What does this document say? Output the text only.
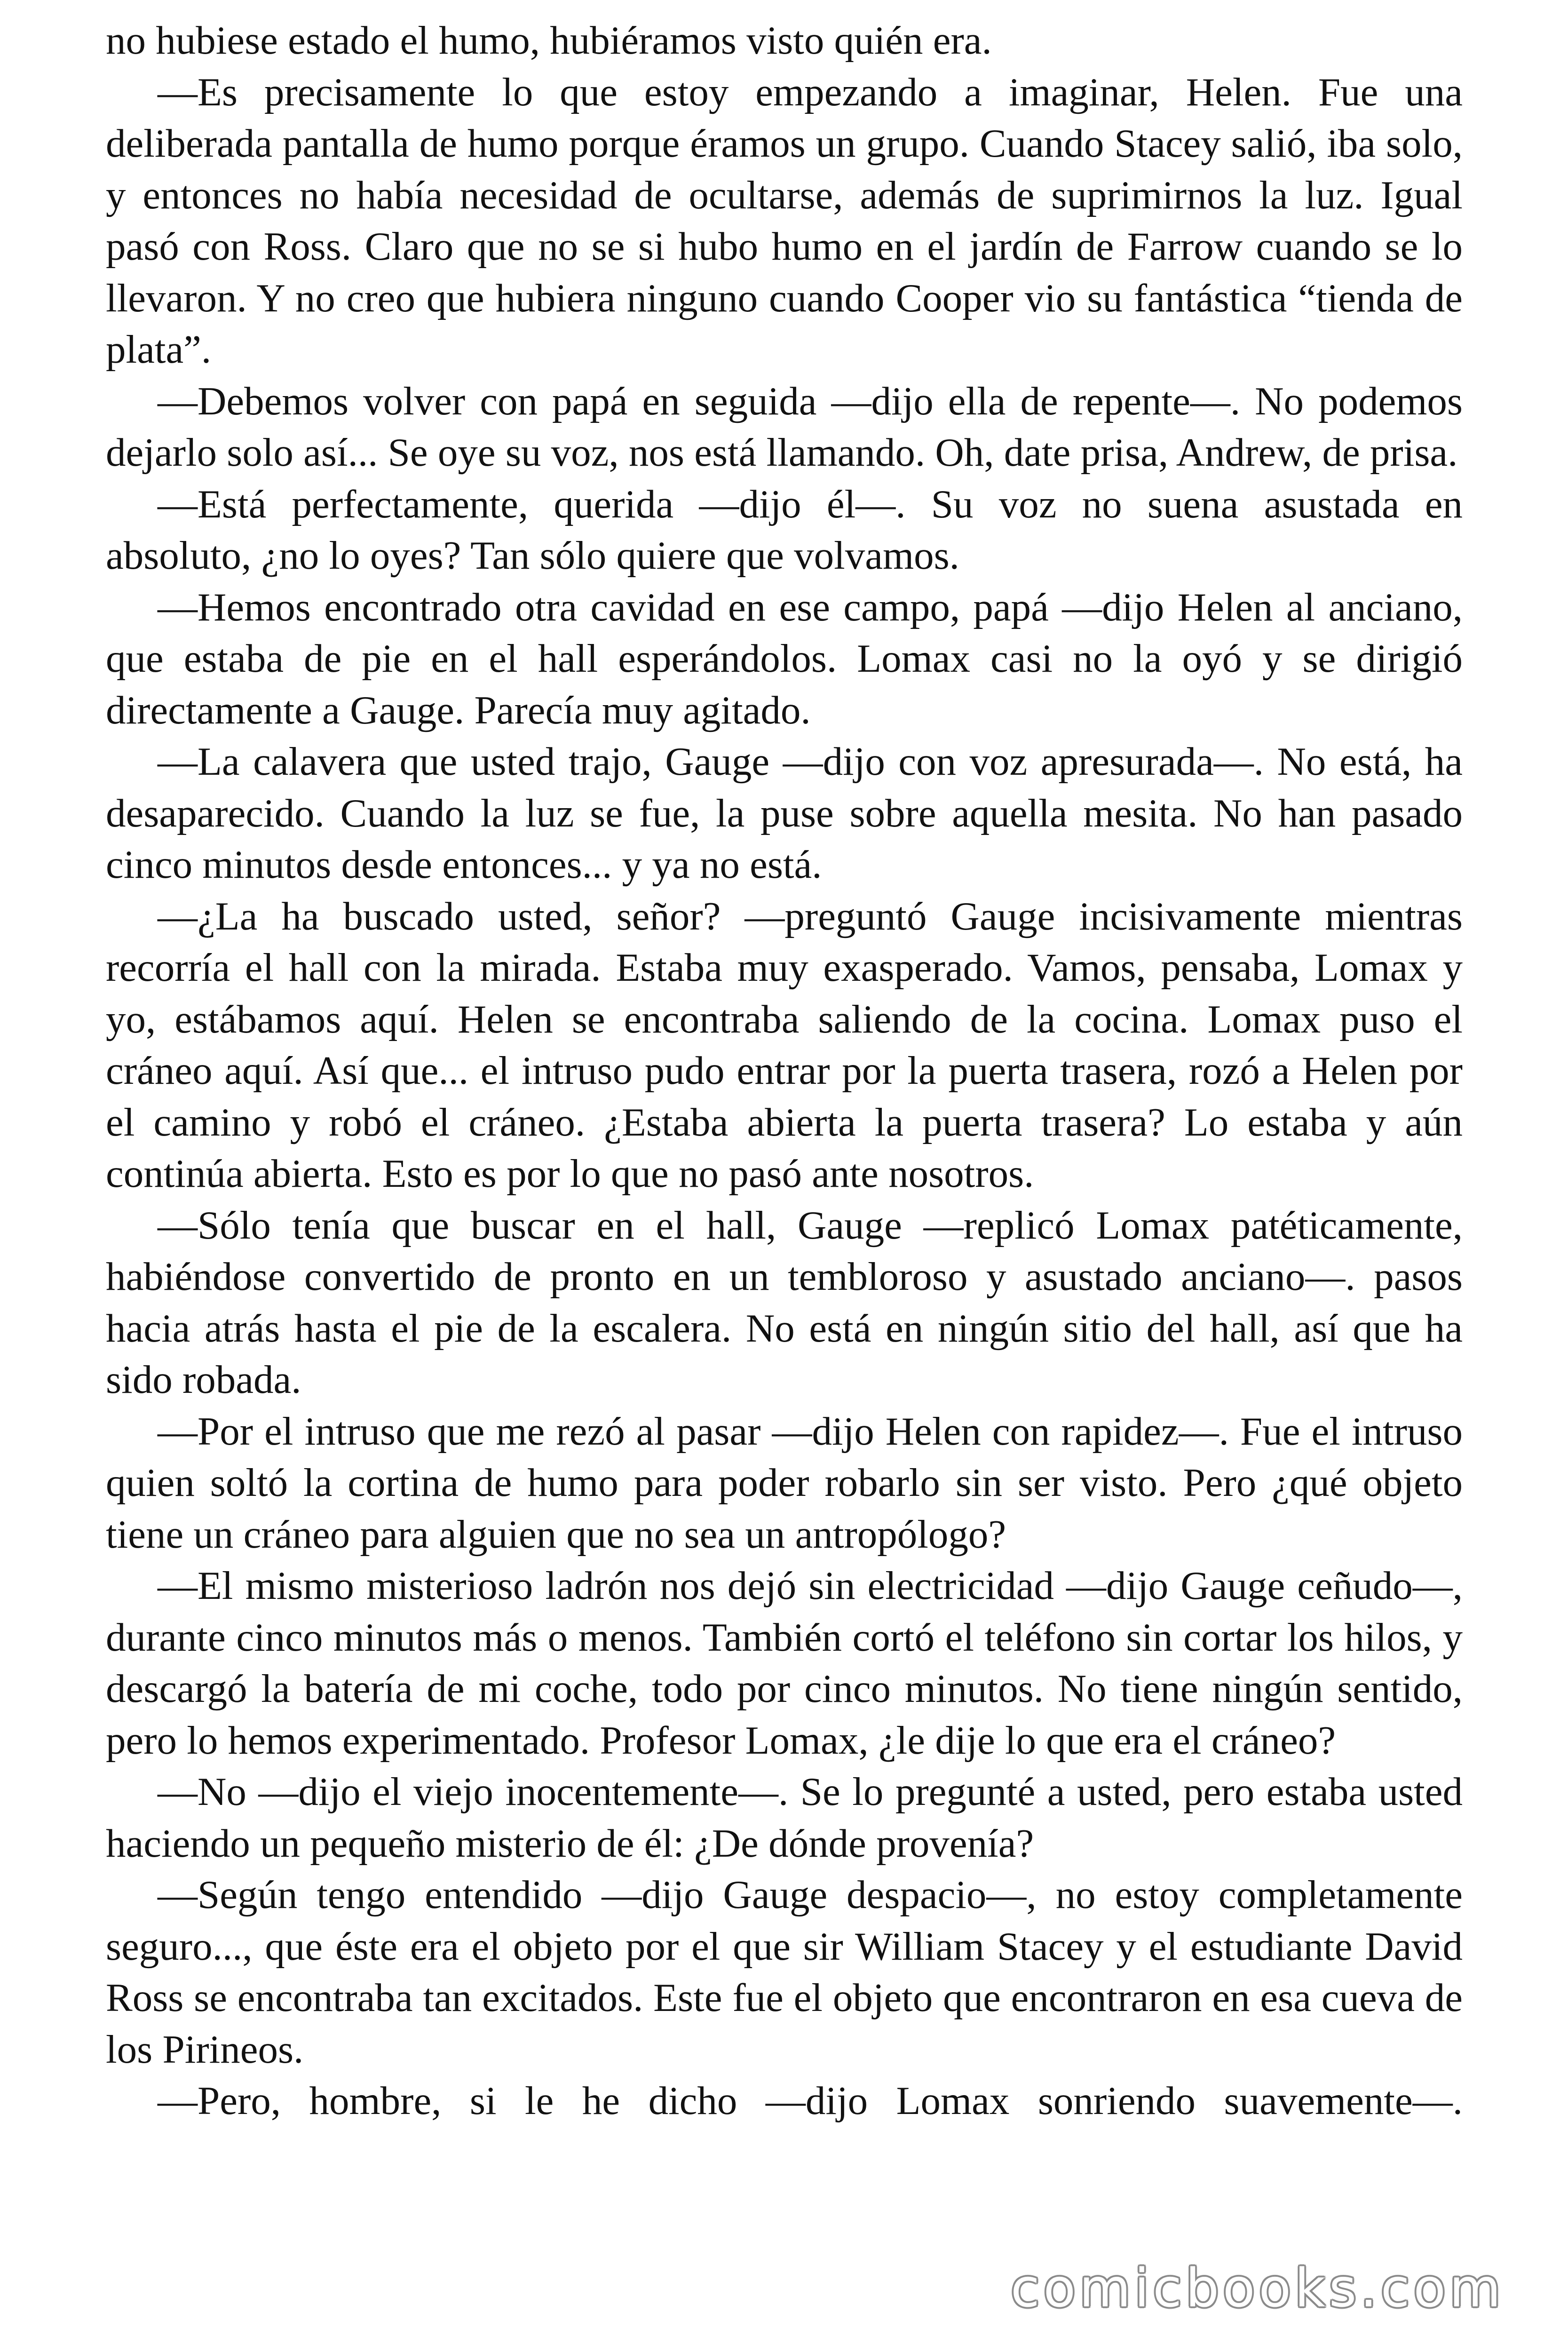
no hubiese estado el humo, hubiéramos visto quién era.

—Es precisamente lo que estoy empezando a imaginar, Helen. Fue una deliberada pantalla de humo porque éramos un grupo. Cuando Stacey salió, iba solo, y entonces no había necesidad de ocultarse, además de suprimirnos la luz. Igual pasó con Ross. Claro que no se si hubo humo en el jardín de Farrow cuando se lo llevaron. Y no creo que hubiera ninguno cuando Cooper vio su fantástica “tienda de plata”.

—Debemos volver con papá en seguida —dijo ella de repente—. No podemos dejarlo solo así... Se oye su voz, nos está llamando. Oh, date prisa, Andrew, de prisa.

—Está perfectamente, querida —dijo él—. Su voz no suena asustada en absoluto, ¿no lo oyes? Tan sólo quiere que volvamos.

—Hemos encontrado otra cavidad en ese campo, papá —dijo Helen al anciano, que estaba de pie en el hall esperándolos. Lomax casi no la oyó y se dirigió directamente a Gauge. Parecía muy agitado.

—La calavera que usted trajo, Gauge —dijo con voz apresurada—. No está, ha desaparecido. Cuando la luz se fue, la puse sobre aquella mesita. No han pasado cinco minutos desde entonces... y ya no está.

—¿La ha buscado usted, señor? —preguntó Gauge incisivamente mientras recorría el hall con la mirada. Estaba muy exasperado. Vamos, pensaba, Lomax y yo, estábamos aquí. Helen se encontraba saliendo de la cocina. Lomax puso el cráneo aquí. Así que... el intruso pudo entrar por la puerta trasera, rozó a Helen por el camino y robó el cráneo. ¿Estaba abierta la puerta trasera? Lo estaba y aún continúa abierta. Esto es por lo que no pasó ante nosotros.

—Sólo tenía que buscar en el hall, Gauge —replicó Lomax patéticamente, habiéndose convertido de pronto en un tembloroso y asustado anciano—. pasos hacia atrás hasta el pie de la escalera. No está en ningún sitio del hall, así que ha sido robada.

—Por el intruso que me rezó al pasar —dijo Helen con rapidez—. Fue el intruso quien soltó la cortina de humo para poder robarlo sin ser visto. Pero ¿qué objeto tiene un cráneo para alguien que no sea un antropólogo?

—El mismo misterioso ladrón nos dejó sin electricidad —dijo Gauge ceñudo—, durante cinco minutos más o menos. También cortó el teléfono sin cortar los hilos, y descargó la batería de mi coche, todo por cinco minutos. No tiene ningún sentido, pero lo hemos experimentado. Profesor Lomax, ¿le dije lo que era el cráneo?

—No —dijo el viejo inocentemente—. Se lo pregunté a usted, pero estaba usted haciendo un pequeño misterio de él: ¿De dónde provenía?

—Según tengo entendido —dijo Gauge despacio—, no estoy completamente seguro..., que éste era el objeto por el que sir William Stacey y el estudiante David Ross se encontraba tan excitados. Este fue el objeto que encontraron en esa cueva de los Pirineos.

—Pero, hombre, si le he dicho —dijo Lomax sonriendo suavemente—.

comicbooks.com
